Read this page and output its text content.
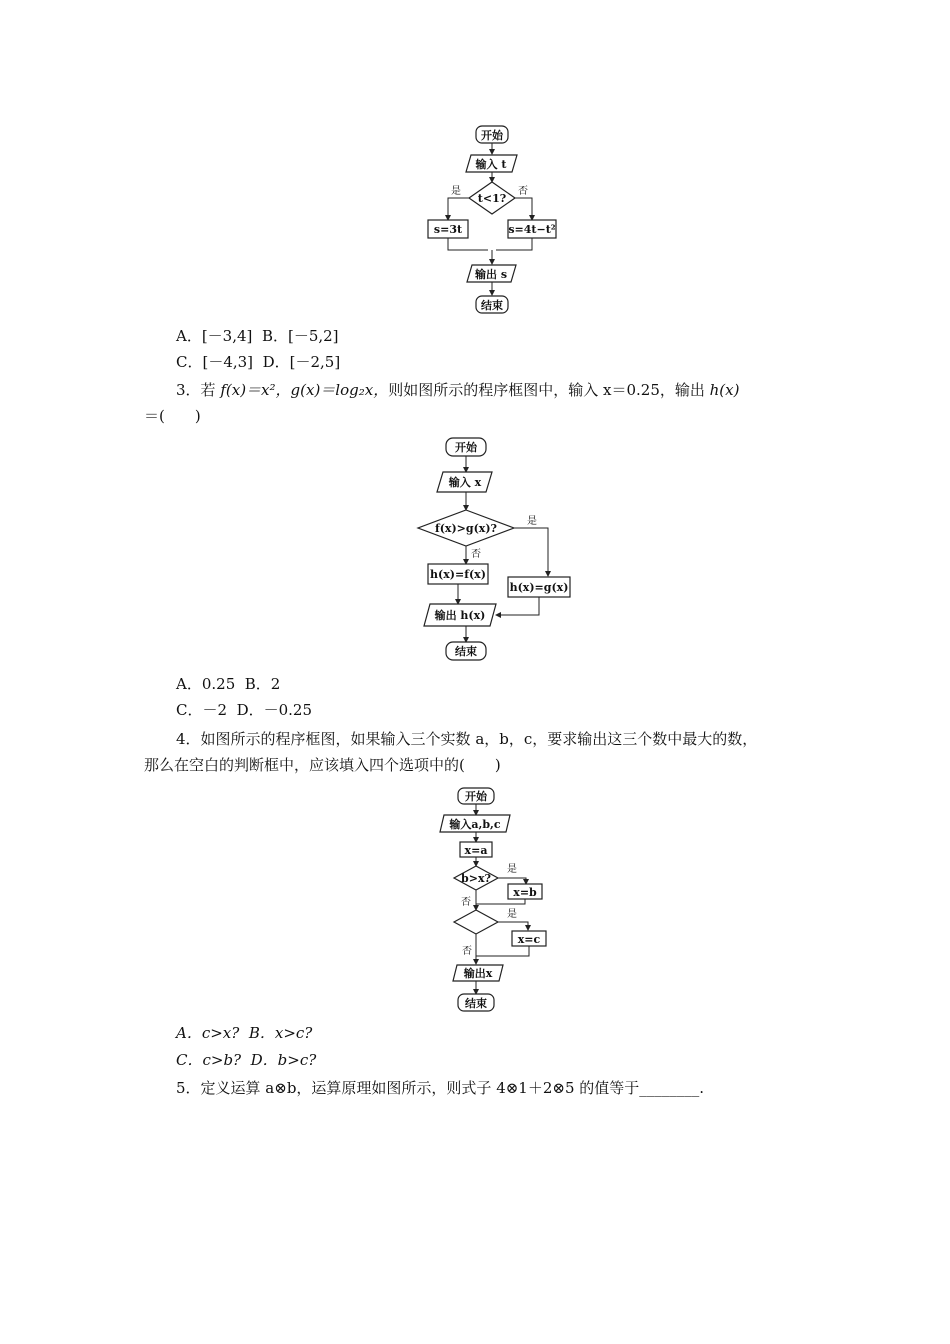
开始
输入 t
t<1?
是	否
s=3t	s=4t−t²
输出 s
结束
A．[－3,4] B．[－5,2]
C．[－4,3] D．[－2,5]
3．若 f(x)＝x²，g(x)＝log₂x，则如图所示的程序框图中，输入 x＝0.25，输出 h(x)
＝(　　)
开始
输入 x
f(x)>g(x)?
是
否
h(x)=f(x)
h(x)=g(x)
输出 h(x)
结束
A．0.25 B．2
C．－2 D．－0.25
4．如图所示的程序框图，如果输入三个实数 a，b，c，要求输出这三个数中最大的数，
那么在空白的判断框中，应该填入四个选项中的(　　)
开始
输入a,b,c
x=a
b>x?
是
x=b
否
是
x=c
否
输出x
结束
A．c>x? B．x>c?
C．c>b? D．b>c?
5．定义运算 a⊗b，运算原理如图所示，则式子 4⊗1＋2⊗5 的值等于________.
